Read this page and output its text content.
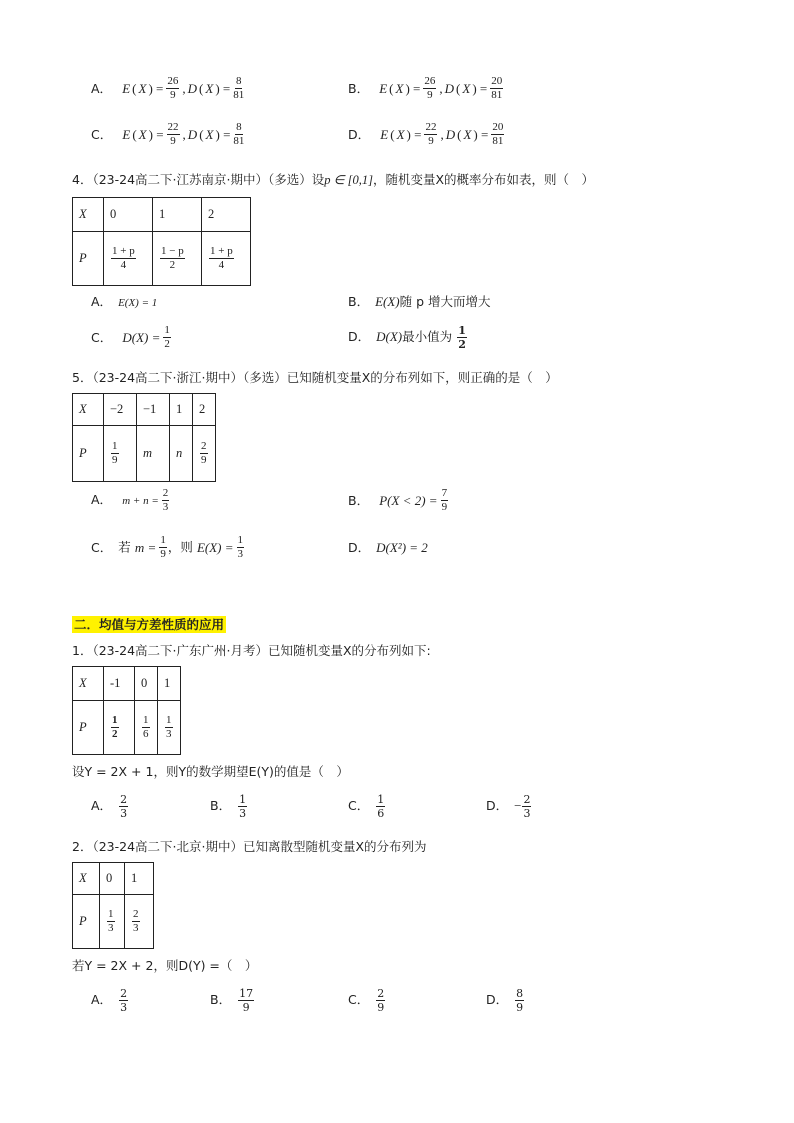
A． E ( X ) = $\frac{26}{9}$ , D ( X ) = $\frac{8}{81}$	B． E ( X ) = $\frac{26}{9}$ , D ( X ) = $\frac{20}{81}$
C． E ( X ) = $\frac{22}{9}$ , D ( X ) = $\frac{8}{81}$	D． E ( X ) = $\frac{22}{9}$ , D ( X ) = $\frac{20}{81}$
4．（23-24高二下·江苏南京·期中）（多选）设p ∈ [0,1]，随机变量X的概率分布如表，则（　）
X	0	1	2
P	$\frac{1 + p}{4}$	$\frac{1 - p}{2}$	$\frac{1 + p}{4}$
A． E(X) = 1	B． E(X)随 p 增大而增大
C． $D(X) = \frac{1}{2}$	D． D(X)最小值为 $\frac{1}{2}$
5．（23-24高二下·浙江·期中）（多选）已知随机变量X的分布列如下，则正确的是（　）
X	−2	−1	1	2
P	$\frac{1}{9}$	m	n	$\frac{2}{9}$
A． $m + n = \frac{2}{3}$	B． $P(X < 2) = \frac{7}{9}$
C． 若 $m = \frac{1}{9}$ ，则 $E(X) = \frac{1}{3}$	D． D(X²) = 2
二．均值与方差性质的应用
1．（23-24高二下·广东广州·月考）已知随机变量X的分布列如下:
X	-1	0	1
P	$\frac{1}{2}$	$\frac{1}{6}$	$\frac{1}{3}$
设Y = 2X + 1，则Y的数学期望E(Y)的值是（　）
A． $\frac{2}{3}$	B． $\frac{1}{3}$	C． $\frac{1}{6}$	D． − $\frac{2}{3}$
2．（23-24高二下·北京·期中）已知离散型随机变量X的分布列为
X	0	1
P	$\frac{1}{3}$	$\frac{2}{3}$
若Y = 2X + 2，则D(Y) =（　）
A． $\frac{2}{3}$	B． $\frac{17}{9}$	C． $\frac{2}{9}$	D． $\frac{8}{9}$
